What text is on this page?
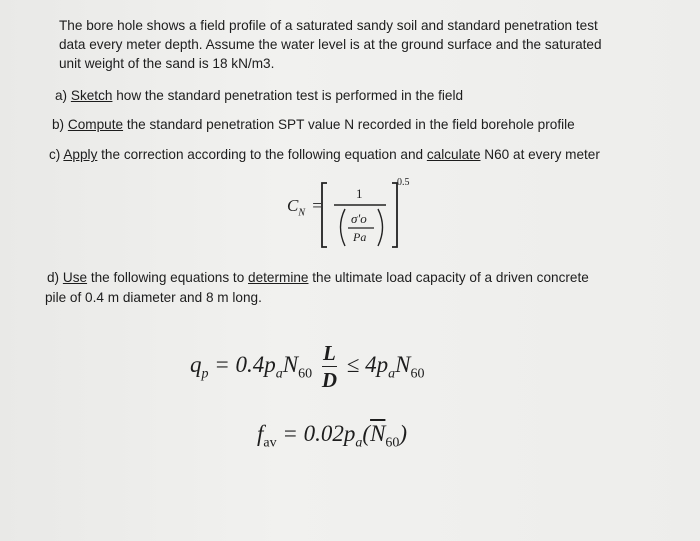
The bore hole shows a field profile of a saturated sandy soil and standard penetration test

data every meter depth. Assume the water level is at the ground surface and the saturated

unit weight of the sand is 18 kN/m3.

a) Sketch how the standard penetration test is performed in the field

b) Compute the standard penetration SPT value N recorded in the field borehole profile

c) Apply the correction according to the following equation and calculate N60 at every meter

$C_N$ =
1
σ'o
Pa
0.5

d) Use the following equations to determine the ultimate load capacity of a driven concrete

pile of 0.4 m diameter and 8 m long.

$q_p = 0.4p_aN_{60} \frac{L}{D} \le 4p_aN_{60}$
$f_{av} = 0.02p_a(\overline{N}_{60})$
